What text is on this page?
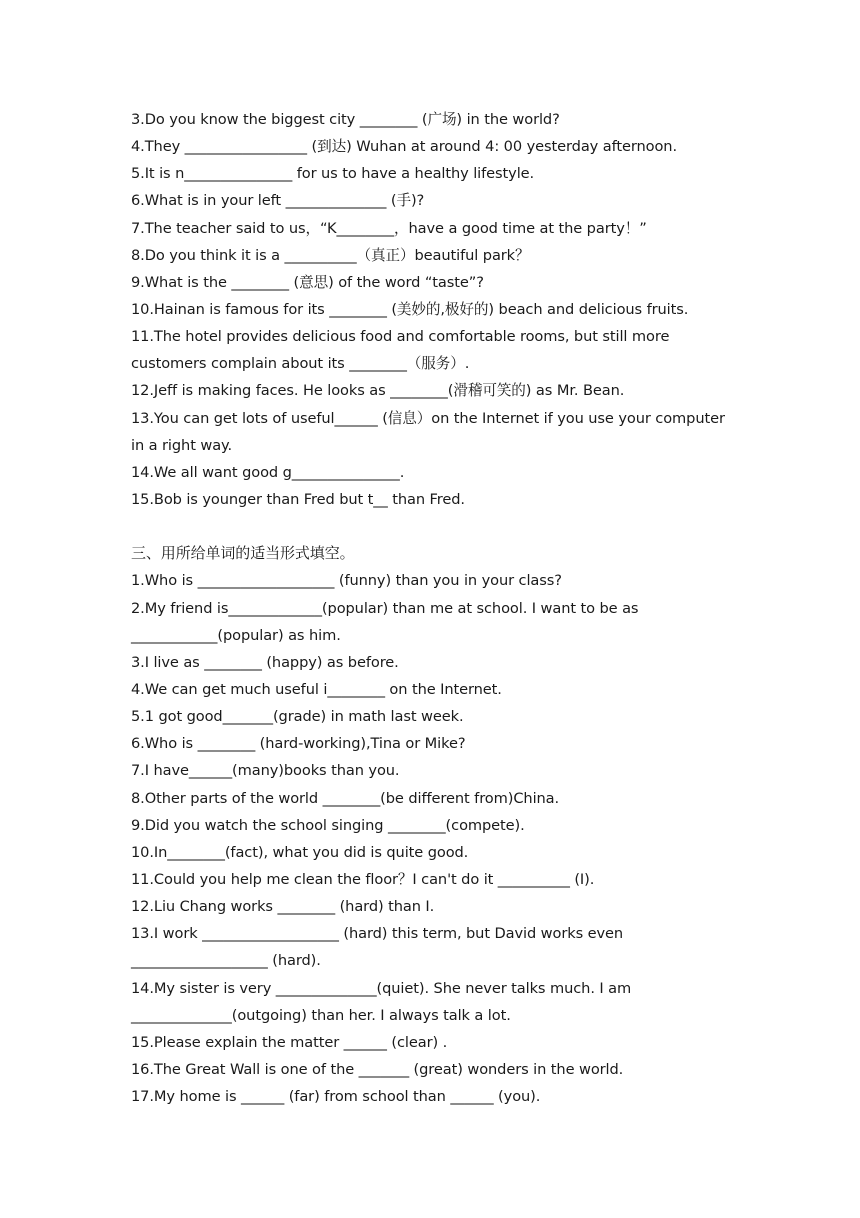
3.Do you know the biggest city ________ (广场) in the world?
4.They _________________ (到达) Wuhan at around 4: 00 yesterday afternoon.
5.It is n_______________ for us to have a healthy lifestyle.
6.What is in your left ______________ (手)?
7.The teacher said to us，“K________，have a good time at the party！”
8.Do you think it is a __________（真正）beautiful park？
9.What is the ________ (意思) of the word “taste”?
10.Hainan is famous for its ________ (美妙的,极好的) beach and delicious fruits.
11.The hotel provides delicious food and comfortable rooms, but still more
customers complain about its ________（服务）.
12.Jeff is making faces. He looks as ________(滑稽可笑的) as Mr. Bean.
13.You can get lots of useful______ (信息）on the Internet if you use your computer
in a right way.
14.We all want good g_______________.
15.Bob is younger than Fred but t__ than Fred.
三、用所给单词的适当形式填空。
1.Who is ___________________ (funny) than you in your class?
2.My friend is_____________(popular) than me at school. I want to be as
____________(popular) as him.
3.I live as ________ (happy) as before.
4.We can get much useful i________ on the Internet.
5.1 got good_______(grade) in math last week.
6.Who is ________ (hard-working),Tina or Mike?
7.I have______(many)books than you.
8.Other parts of the world ________(be different from)China.
9.Did you watch the school singing ________(compete).
10.In________(fact), what you did is quite good.
11.Could you help me clean the floor？I can't do it __________ (I).
12.Liu Chang works ________ (hard) than I.
13.I work ___________________ (hard) this term, but David works even
___________________ (hard).
14.My sister is very ______________(quiet). She never talks much. I am
______________(outgoing) than her. I always talk a lot.
15.Please explain the matter ______ (clear) .
16.The Great Wall is one of the _______ (great) wonders in the world.
17.My home is ______ (far) from school than ______ (you).
